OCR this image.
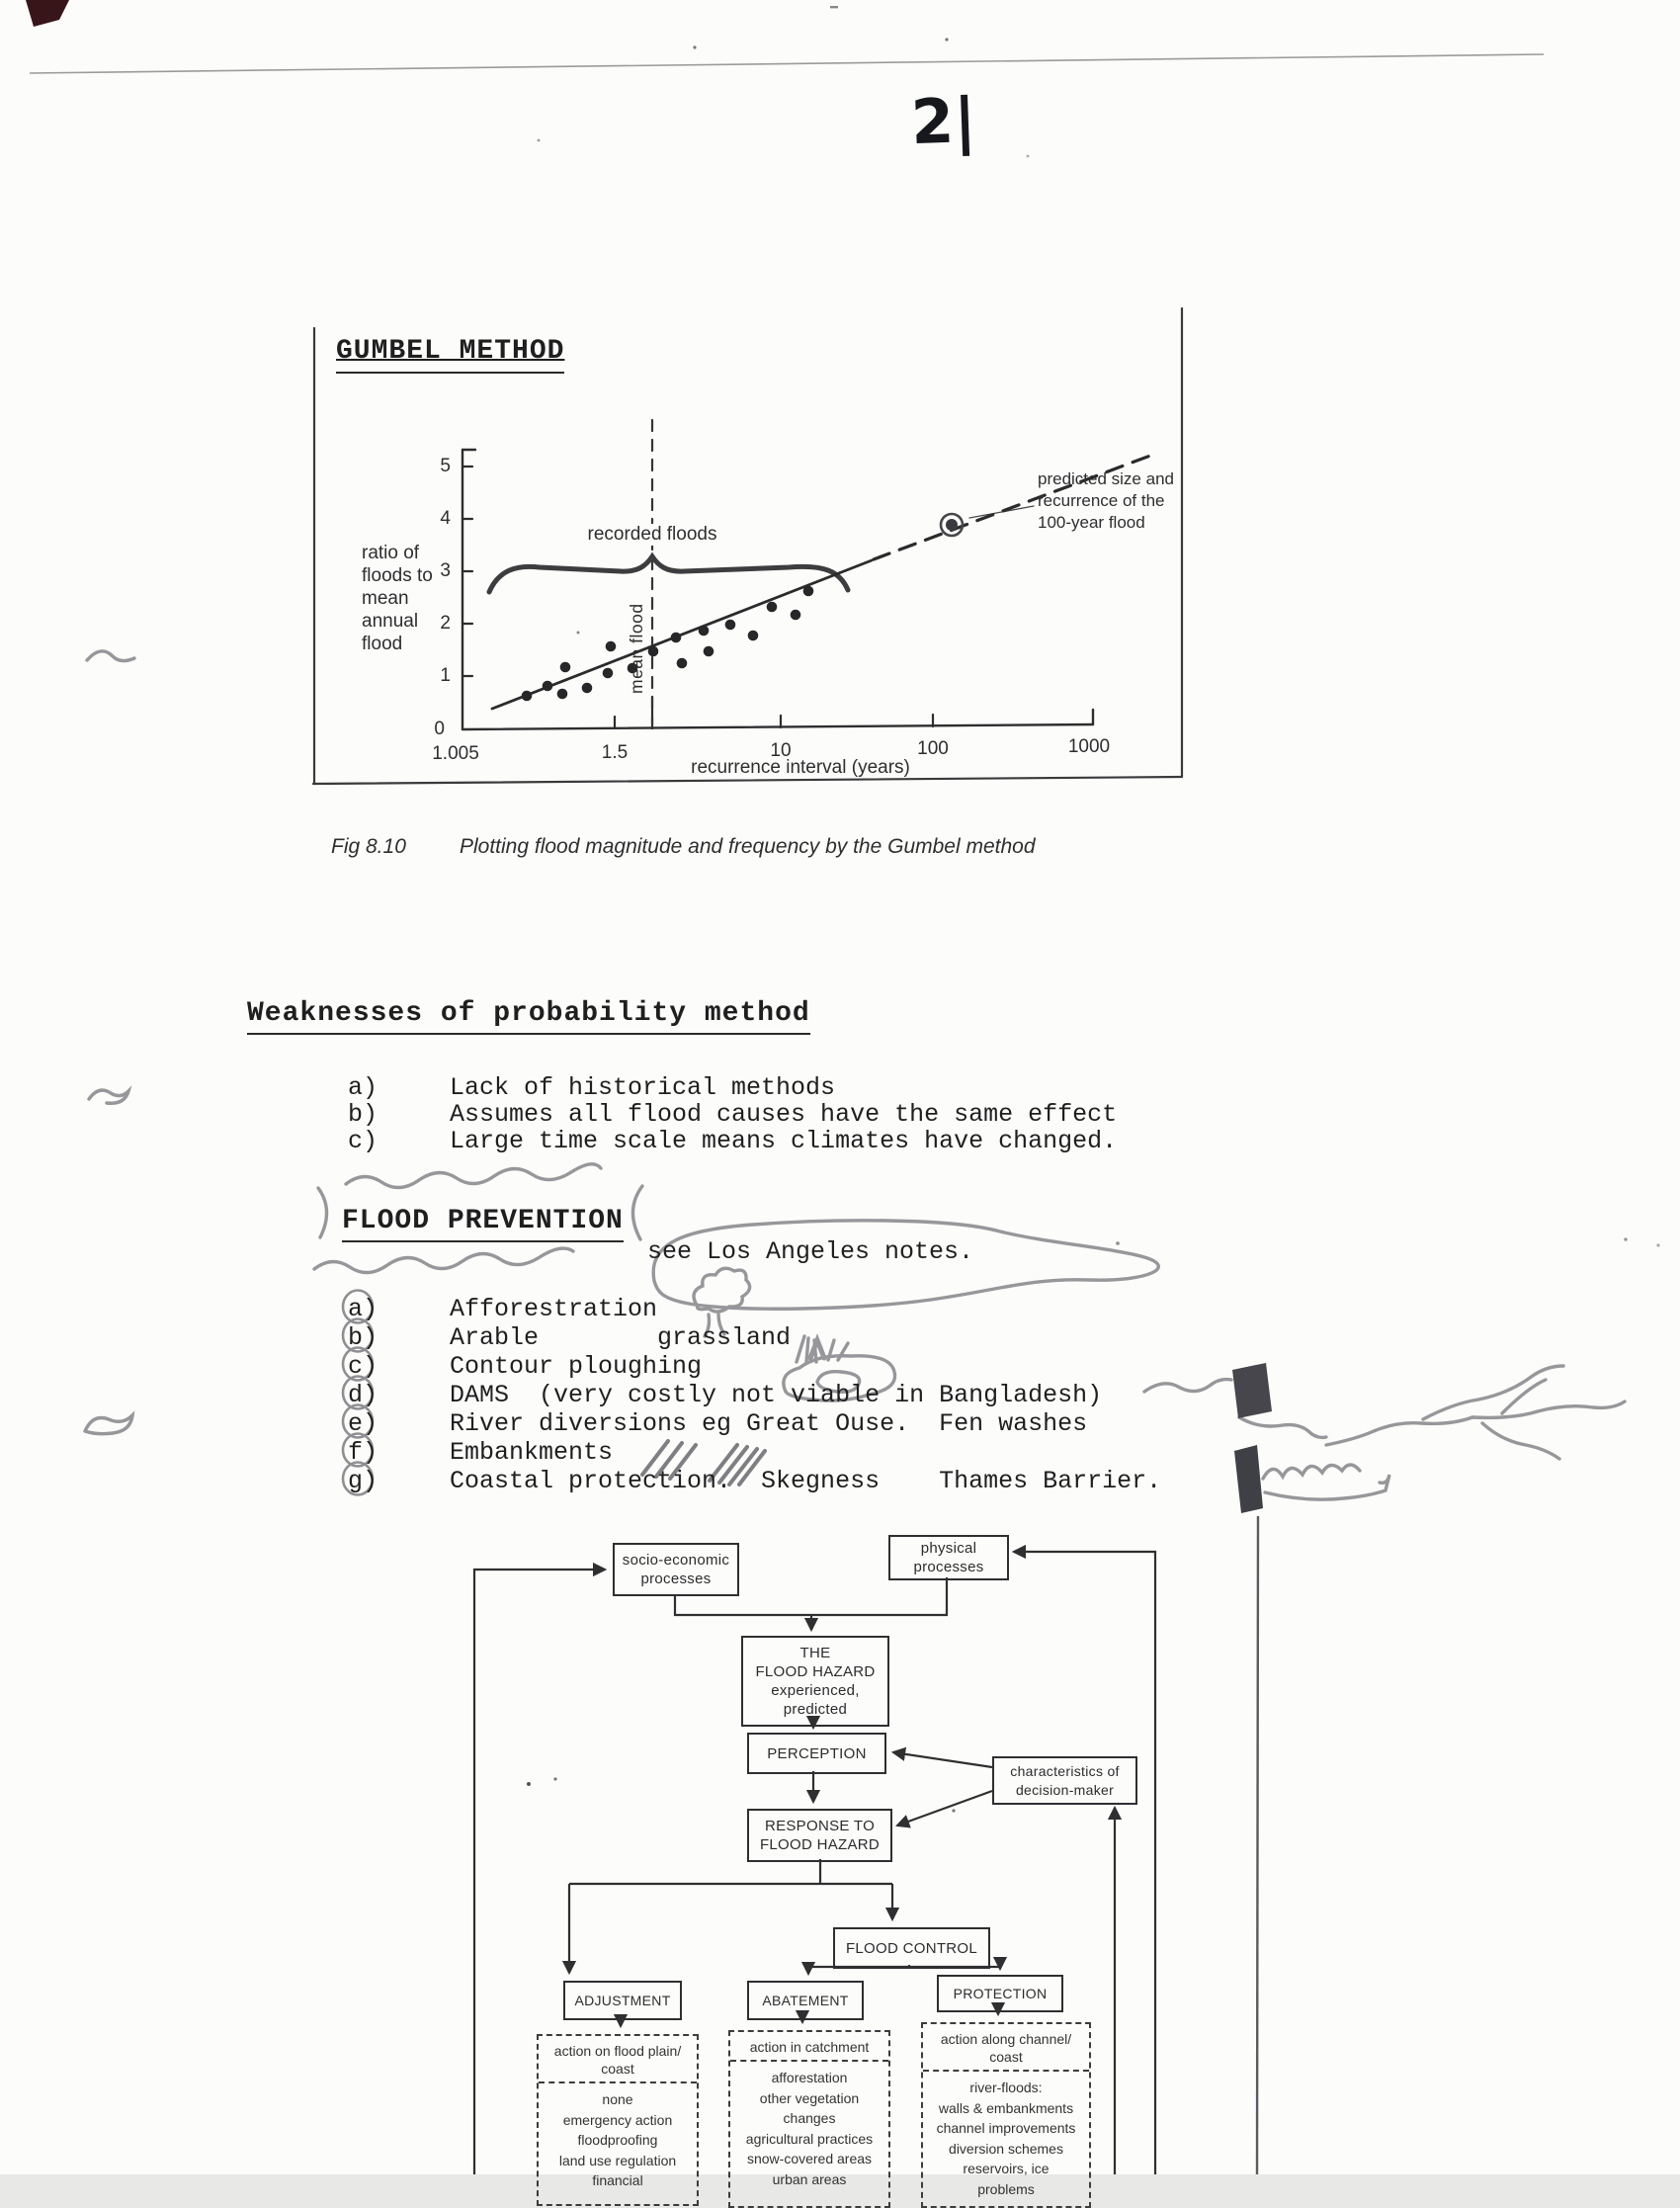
2|
GUMBEL METHOD
ratio of
floods to
mean
annual
flood
5
4
3
2
1
0
1.005	1.5	10	100	1000
recurrence interval (years)
recorded floods
mean flood
predicted size and
recurrence of the
100-year flood
Fig 8.10	Plotting flood magnitude and frequency by the Gumbel method
Weaknesses of probability method
a)	Lack of historical methods
b)	Assumes all flood causes have the same effect
c)	Large time scale means climates have changed.
FLOOD PREVENTION
see Los Angeles notes.
a)	Afforestration
b)	Arable        grassland
c)	Contour ploughing
d)	DAMS  (very costly not viable in Bangladesh)
e)	River diversions eg Great Ouse.  Fen washes
f)	Embankments
g)	Coastal protection.  Skegness    Thames Barrier.
socio-economic
processes
physical
processes
THE
FLOOD HAZARD
experienced,
predicted
PERCEPTION
RESPONSE TO
FLOOD HAZARD
characteristics of
decision-maker
FLOOD CONTROL
ADJUSTMENT	ABATEMENT	PROTECTION
action on flood plain/
coast
none
emergency action
floodproofing
land use regulation
financial
action in catchment
afforestation
other vegetation
changes
agricultural practices
snow-covered areas
urban areas
action along channel/
coast
river-floods:
walls & embankments
channel improvements
diversion schemes
reservoirs, ice
problems
